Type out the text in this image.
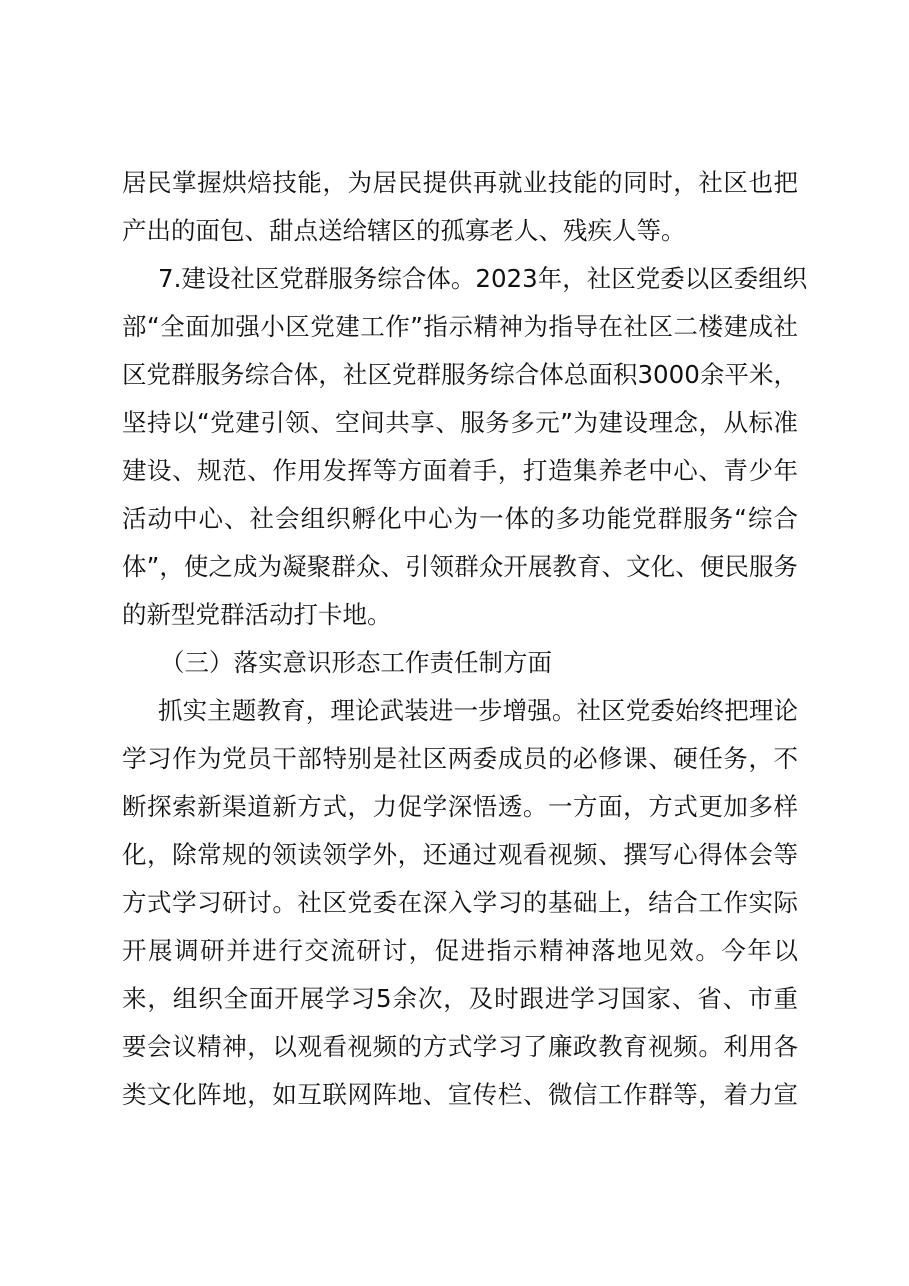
居民掌握烘焙技能，为居民提供再就业技能的同时，社区也把
产出的面包、甜点送给辖区的孤寡老人、残疾人等。
7.建设社区党群服务综合体。2023年，社区党委以区委组织
部“全面加强小区党建工作”指示精神为指导在社区二楼建成社
区党群服务综合体，社区党群服务综合体总面积3000余平米，
坚持以“党建引领、空间共享、服务多元”为建设理念，从标准
建设、规范、作用发挥等方面着手，打造集养老中心、青少年
活动中心、社会组织孵化中心为一体的多功能党群服务“综合
体”，使之成为凝聚群众、引领群众开展教育、文化、便民服务
的新型党群活动打卡地。
（三）落实意识形态工作责任制方面
抓实主题教育，理论武装进一步增强。社区党委始终把理论
学习作为党员干部特别是社区两委成员的必修课、硬任务，不
断探索新渠道新方式，力促学深悟透。一方面，方式更加多样
化，除常规的领读领学外，还通过观看视频、撰写心得体会等
方式学习研讨。社区党委在深入学习的基础上，结合工作实际
开展调研并进行交流研讨，促进指示精神落地见效。今年以
来，组织全面开展学习5余次，及时跟进学习国家、省、市重
要会议精神，以观看视频的方式学习了廉政教育视频。利用各
类文化阵地，如互联网阵地、宣传栏、微信工作群等，着力宣
